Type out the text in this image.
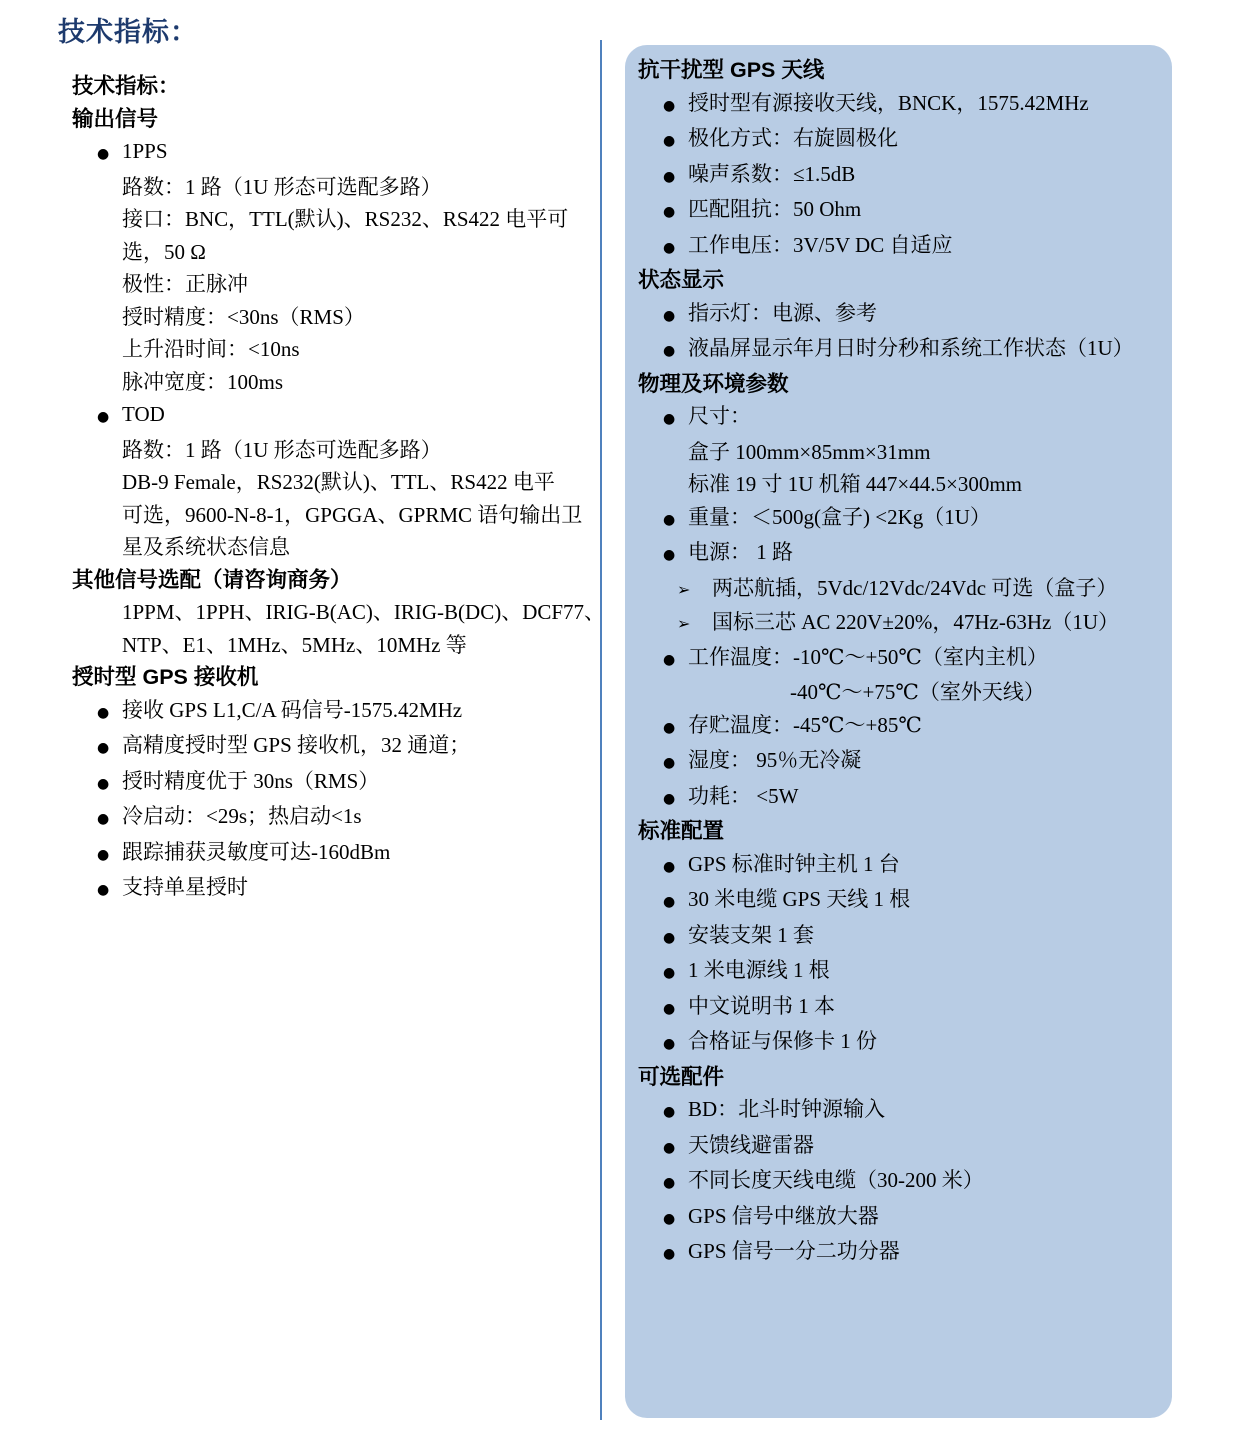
技术指标：
技术指标：
输出信号
● 1PPS
路数：1 路（1U 形态可选配多路）
接口：BNC，TTL(默认)、RS232、RS422 电平可
选，50 Ω
极性：正脉冲
授时精度：<30ns（RMS）
上升沿时间：<10ns
脉冲宽度：100ms
● TOD
路数：1 路（1U 形态可选配多路）
DB-9 Female，RS232(默认)、TTL、RS422 电平
可选，9600-N-8-1，GPGGA、GPRMC 语句输出卫
星及系统状态信息
其他信号选配（请咨询商务）
1PPM、1PPH、IRIG-B(AC)、IRIG-B(DC)、DCF77、
NTP、E1、1MHz、5MHz、10MHz 等
授时型 GPS 接收机
● 接收 GPS L1,C/A 码信号-1575.42MHz
● 高精度授时型 GPS 接收机，32 通道；
● 授时精度优于 30ns（RMS）
● 冷启动：<29s；热启动<1s
● 跟踪捕获灵敏度可达-160dBm
● 支持单星授时
抗干扰型 GPS 天线
● 授时型有源接收天线，BNCK，1575.42MHz
● 极化方式：右旋圆极化
● 噪声系数：≤1.5dB
● 匹配阻抗：50 Ohm
● 工作电压：3V/5V DC 自适应
状态显示
● 指示灯：电源、参考
● 液晶屏显示年月日时分秒和系统工作状态（1U）
物理及环境参数
● 尺寸：
盒子 100mm×85mm×31mm
标准 19 寸 1U 机箱 447×44.5×300mm
● 重量：＜500g(盒子) <2Kg（1U）
● 电源： 1 路
➢	两芯航插，5Vdc/12Vdc/24Vdc 可选（盒子）
➢	国标三芯 AC 220V±20%，47Hz-63Hz（1U）
● 工作温度：-10℃～+50℃（室内主机）
-40℃～+75℃（室外天线）
● 存贮温度：-45℃～+85℃
● 湿度： 95％无冷凝
● 功耗： <5W
标准配置
● GPS 标准时钟主机 1 台
● 30 米电缆 GPS 天线 1 根
● 安装支架 1 套
● 1 米电源线 1 根
● 中文说明书 1 本
● 合格证与保修卡 1 份
可选配件
● BD：北斗时钟源输入
● 天馈线避雷器
● 不同长度天线电缆（30-200 米）
● GPS 信号中继放大器
● GPS 信号一分二功分器
